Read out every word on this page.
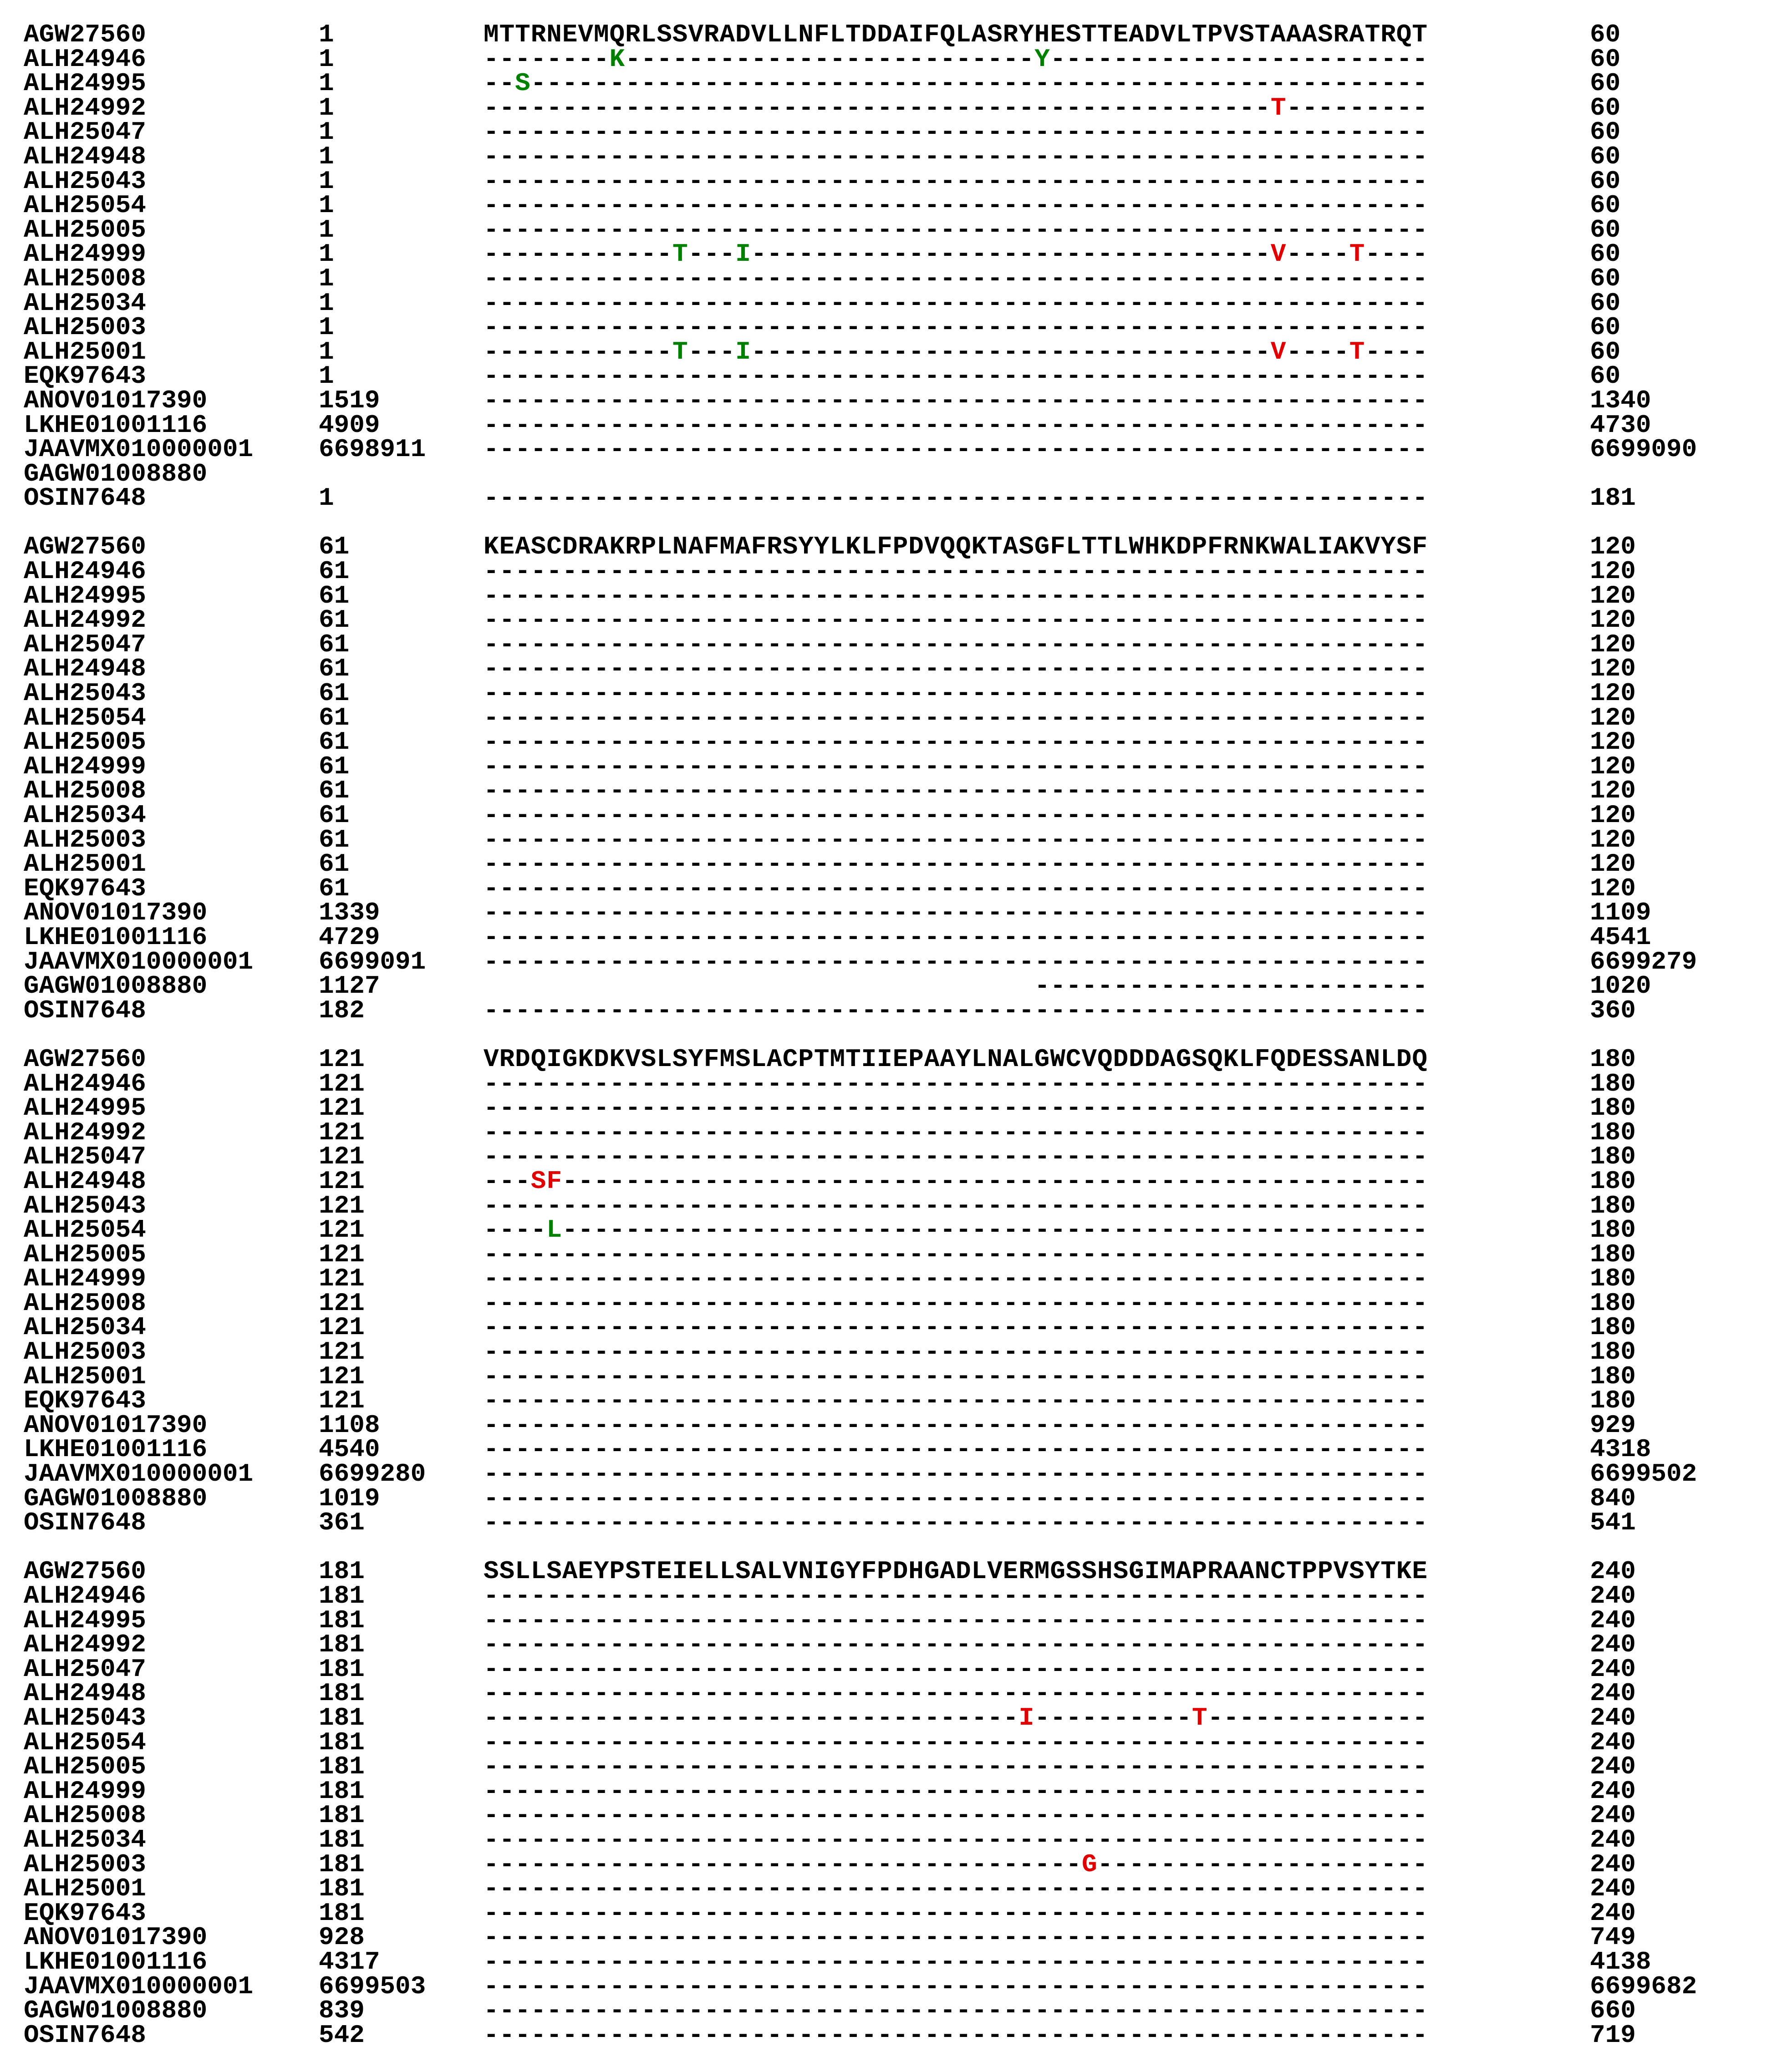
AGW27560	1	MTTRNEVMQRLSSVRADVLLNFLTDDAIFQLASRYHESTTEADVLTPVSTAAASRATRQT	60
ALH24946	1	--------K--------------------------Y------------------------	60
ALH24995	1	--S---------------------------------------------------------	60
ALH24992	1	--------------------------------------------------T---------	60
ALH25047	1	------------------------------------------------------------	60
ALH24948	1	------------------------------------------------------------	60
ALH25043	1	------------------------------------------------------------	60
ALH25054	1	------------------------------------------------------------	60
ALH25005	1	------------------------------------------------------------	60
ALH24999	1	------------T---I---------------------------------V----T----	60
ALH25008	1	------------------------------------------------------------	60
ALH25034	1	------------------------------------------------------------	60
ALH25003	1	------------------------------------------------------------	60
ALH25001	1	------------T---I---------------------------------V----T----	60
EQK97643	1	------------------------------------------------------------	60
ANOV01017390	1519	------------------------------------------------------------	1340
LKHE01001116	4909	------------------------------------------------------------	4730
JAAVMX010000001	6698911	------------------------------------------------------------	6699090
GAGW01008880
OSIN7648	1	------------------------------------------------------------	181
AGW27560	61	KEASCDRAKRPLNAFMAFRSYYLKLFPDVQQKTASGFLTTLWHKDPFRNKWALIAKVYSF	120
ALH24946	61	------------------------------------------------------------	120
ALH24995	61	------------------------------------------------------------	120
ALH24992	61	------------------------------------------------------------	120
ALH25047	61	------------------------------------------------------------	120
ALH24948	61	------------------------------------------------------------	120
ALH25043	61	------------------------------------------------------------	120
ALH25054	61	------------------------------------------------------------	120
ALH25005	61	------------------------------------------------------------	120
ALH24999	61	------------------------------------------------------------	120
ALH25008	61	------------------------------------------------------------	120
ALH25034	61	------------------------------------------------------------	120
ALH25003	61	------------------------------------------------------------	120
ALH25001	61	------------------------------------------------------------	120
EQK97643	61	------------------------------------------------------------	120
ANOV01017390	1339	------------------------------------------------------------	1109
LKHE01001116	4729	------------------------------------------------------------	4541
JAAVMX010000001	6699091	------------------------------------------------------------	6699279
GAGW01008880	1127	-------------------------	1020
OSIN7648	182	------------------------------------------------------------	360
AGW27560	121	VRDQIGKDKVSLSYFMSLACPTMTIIEPAAYLNALGWCVQDDDAGSQKLFQDESSANLDQ	180
ALH24946	121	------------------------------------------------------------	180
ALH24995	121	------------------------------------------------------------	180
ALH24992	121	------------------------------------------------------------	180
ALH25047	121	------------------------------------------------------------	180
ALH24948	121	---SF-------------------------------------------------------	180
ALH25043	121	------------------------------------------------------------	180
ALH25054	121	----L-------------------------------------------------------	180
ALH25005	121	------------------------------------------------------------	180
ALH24999	121	------------------------------------------------------------	180
ALH25008	121	------------------------------------------------------------	180
ALH25034	121	------------------------------------------------------------	180
ALH25003	121	------------------------------------------------------------	180
ALH25001	121	------------------------------------------------------------	180
EQK97643	121	------------------------------------------------------------	180
ANOV01017390	1108	------------------------------------------------------------	929
LKHE01001116	4540	------------------------------------------------------------	4318
JAAVMX010000001	6699280	------------------------------------------------------------	6699502
GAGW01008880	1019	------------------------------------------------------------	840
OSIN7648	361	------------------------------------------------------------	541
AGW27560	181	SSLLSAEYPSTEIELLSALVNIGYFPDHGADLVERMGSSHSGIMAPRAANCTPPVSYTKE	240
ALH24946	181	------------------------------------------------------------	240
ALH24995	181	------------------------------------------------------------	240
ALH24992	181	------------------------------------------------------------	240
ALH25047	181	------------------------------------------------------------	240
ALH24948	181	------------------------------------------------------------	240
ALH25043	181	----------------------------------I----------T--------------	240
ALH25054	181	------------------------------------------------------------	240
ALH25005	181	------------------------------------------------------------	240
ALH24999	181	------------------------------------------------------------	240
ALH25008	181	------------------------------------------------------------	240
ALH25034	181	------------------------------------------------------------	240
ALH25003	181	--------------------------------------G---------------------	240
ALH25001	181	------------------------------------------------------------	240
EQK97643	181	------------------------------------------------------------	240
ANOV01017390	928	------------------------------------------------------------	749
LKHE01001116	4317	------------------------------------------------------------	4138
JAAVMX010000001	6699503	------------------------------------------------------------	6699682
GAGW01008880	839	------------------------------------------------------------	660
OSIN7648	542	------------------------------------------------------------	719
